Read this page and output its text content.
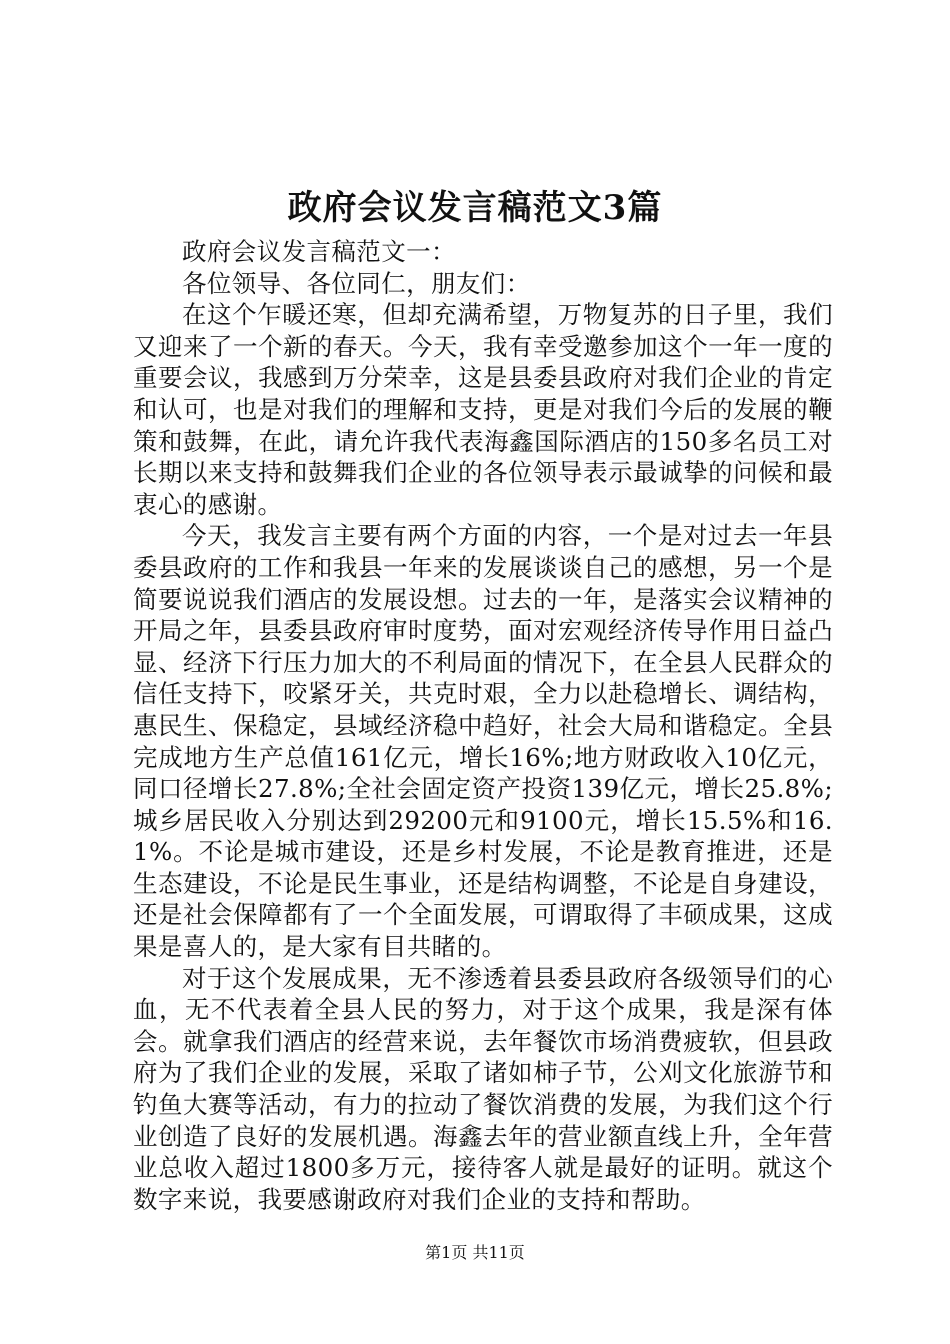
政府会议发言稿范文3篇

政府会议发言稿范文一：

各位领导、各位同仁，朋友们：

在这个乍暖还寒，但却充满希望，万物复苏的日子里，我们又迎来了一个新的春天。今天，我有幸受邀参加这个一年一度的重要会议，我感到万分荣幸，这是县委县政府对我们企业的肯定和认可，也是对我们的理解和支持，更是对我们今后的发展的鞭策和鼓舞，在此，请允许我代表海鑫国际酒店的150多名员工对长期以来支持和鼓舞我们企业的各位领导表示最诚挚的问候和最衷心的感谢。

今天，我发言主要有两个方面的内容，一个是对过去一年县委县政府的工作和我县一年来的发展谈谈自己的感想，另一个是简要说说我们酒店的发展设想。过去的一年，是落实会议精神的开局之年，县委县政府审时度势，面对宏观经济传导作用日益凸显、经济下行压力加大的不利局面的情况下，在全县人民群众的信任支持下，咬紧牙关，共克时艰，全力以赴稳增长、调结构，惠民生、保稳定，县域经济稳中趋好，社会大局和谐稳定。全县完成地方生产总值161亿元，增长16%;地方财政收入10亿元，同口径增长27.8%;全社会固定资产投资139亿元，增长25.8%;城乡居民收入分别达到29200元和9100元，增长15.5%和16.1%。不论是城市建设，还是乡村发展，不论是教育推进，还是生态建设，不论是民生事业，还是结构调整，不论是自身建设，还是社会保障都有了一个全面发展，可谓取得了丰硕成果，这成果是喜人的，是大家有目共睹的。

对于这个发展成果，无不渗透着县委县政府各级领导们的心血，无不代表着全县人民的努力，对于这个成果，我是深有体会。就拿我们酒店的经营来说，去年餐饮市场消费疲软，但县政府为了我们企业的发展，采取了诸如柿子节，公刈文化旅游节和钓鱼大赛等活动，有力的拉动了餐饮消费的发展，为我们这个行业创造了良好的发展机遇。海鑫去年的营业额直线上升，全年营业总收入超过1800多万元，接待客人就是最好的证明。就这个数字来说，我要感谢政府对我们企业的支持和帮助。

第1页 共11页
